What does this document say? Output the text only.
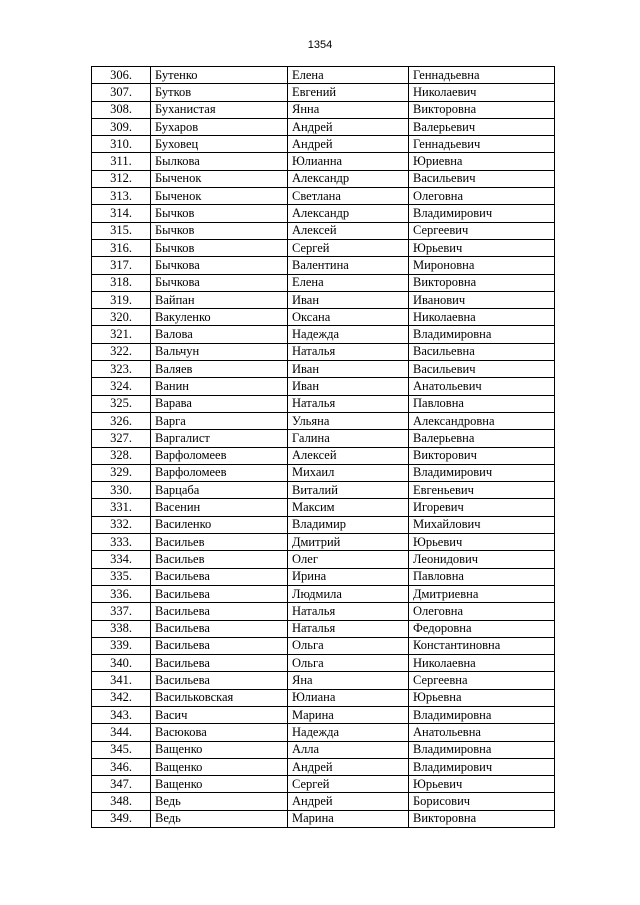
1354
306.	Бутенко	Елена	Геннадьевна
307.	Бутков	Евгений	Николаевич
308.	Буханистая	Янна	Викторовна
309.	Бухаров	Андрей	Валерьевич
310.	Буховец	Андрей	Геннадьевич
311.	Былкова	Юлианна	Юриевна
312.	Быченок	Александр	Васильевич
313.	Быченок	Светлана	Олеговна
314.	Бычков	Александр	Владимирович
315.	Бычков	Алексей	Сергеевич
316.	Бычков	Сергей	Юрьевич
317.	Бычкова	Валентина	Мироновна
318.	Бычкова	Елена	Викторовна
319.	Вайпан	Иван	Иванович
320.	Вакуленко	Оксана	Николаевна
321.	Валова	Надежда	Владимировна
322.	Вальчун	Наталья	Васильевна
323.	Валяев	Иван	Васильевич
324.	Ванин	Иван	Анатольевич
325.	Варава	Наталья	Павловна
326.	Варга	Ульяна	Александровна
327.	Варгалист	Галина	Валерьевна
328.	Варфоломеев	Алексей	Викторович
329.	Варфоломеев	Михаил	Владимирович
330.	Варцаба	Виталий	Евгеньевич
331.	Васенин	Максим	Игоревич
332.	Василенко	Владимир	Михайлович
333.	Васильев	Дмитрий	Юрьевич
334.	Васильев	Олег	Леонидович
335.	Васильева	Ирина	Павловна
336.	Васильева	Людмила	Дмитриевна
337.	Васильева	Наталья	Олеговна
338.	Васильева	Наталья	Федоровна
339.	Васильева	Ольга	Константиновна
340.	Васильева	Ольга	Николаевна
341.	Васильева	Яна	Сергеевна
342.	Васильковская	Юлиана	Юрьевна
343.	Васич	Марина	Владимировна
344.	Васюкова	Надежда	Анатольевна
345.	Ващенко	Алла	Владимировна
346.	Ващенко	Андрей	Владимирович
347.	Ващенко	Сергей	Юрьевич
348.	Ведь	Андрей	Борисович
349.	Ведь	Марина	Викторовна
